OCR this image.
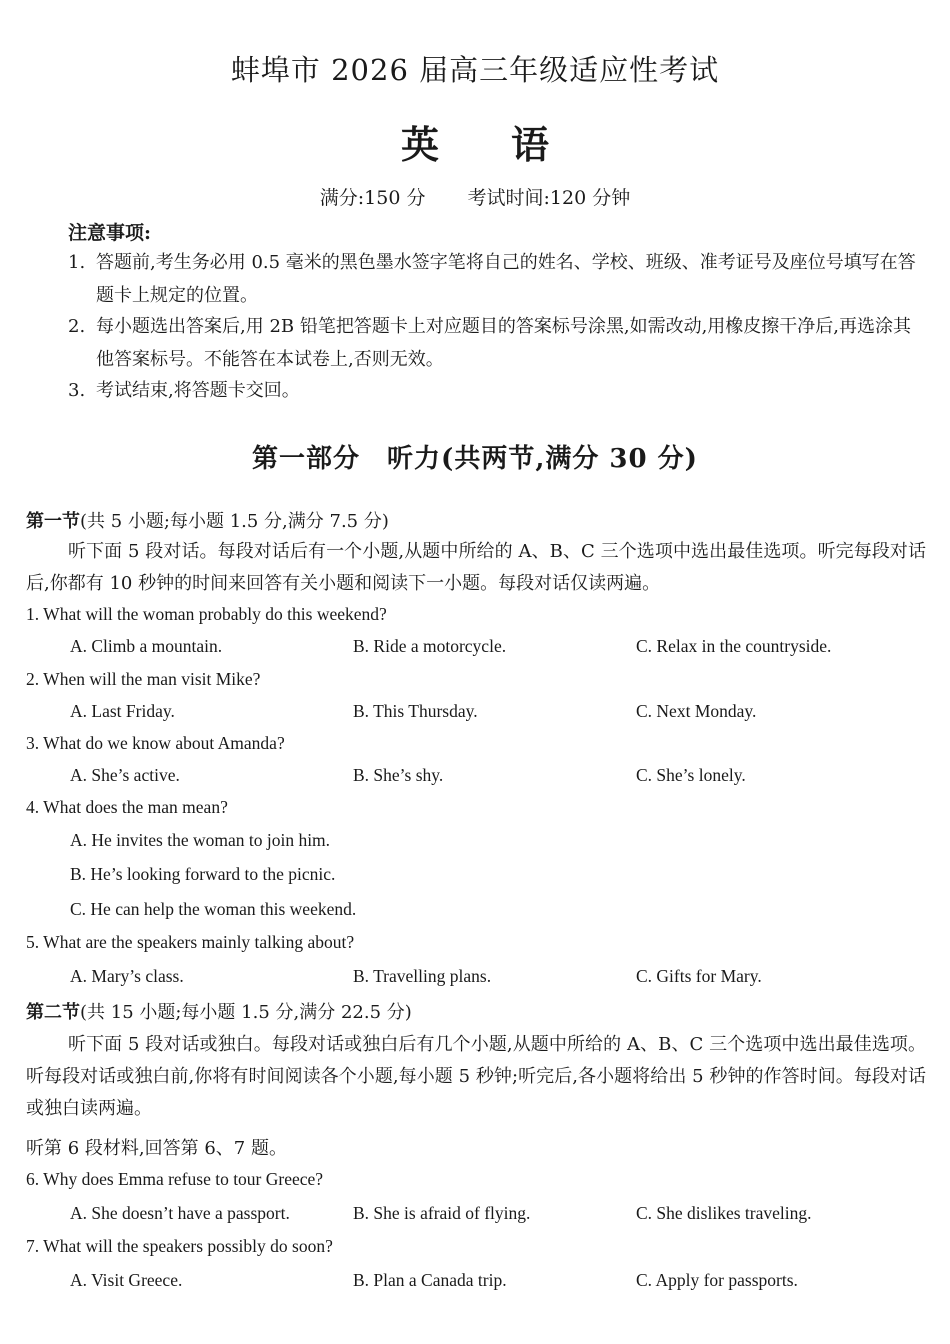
蚌埠市 2026 届高三年级适应性考试
英 语
满分:150 分 考试时间:120 分钟
注意事项:
1. 答题前,考生务必用 0.5 毫米的黑色墨水签字笔将自己的姓名、学校、班级、准考证号及座位号填写在答题卡上规定的位置。
2. 每小题选出答案后,用 2B 铅笔把答题卡上对应题目的答案标号涂黑,如需改动,用橡皮擦干净后,再选涂其他答案标号。不能答在本试卷上,否则无效。
3. 考试结束,将答题卡交回。
第一部分　听力(共两节,满分 30 分)
第一节(共 5 小题;每小题 1.5 分,满分 7.5 分)
听下面 5 段对话。每段对话后有一个小题,从题中所给的 A、B、C 三个选项中选出最佳选项。听完每段对话后,你都有 10 秒钟的时间来回答有关小题和阅读下一小题。每段对话仅读两遍。
1. What will the woman probably do this weekend?
A. Climb a mountain.	B. Ride a motorcycle.	C. Relax in the countryside.
2. When will the man visit Mike?
A. Last Friday.	B. This Thursday.	C. Next Monday.
3. What do we know about Amanda?
A. She’s active.	B. She’s shy.	C. She’s lonely.
4. What does the man mean?
A. He invites the woman to join him.
B. He’s looking forward to the picnic.
C. He can help the woman this weekend.
5. What are the speakers mainly talking about?
A. Mary’s class.	B. Travelling plans.	C. Gifts for Mary.
第二节(共 15 小题;每小题 1.5 分,满分 22.5 分)
听下面 5 段对话或独白。每段对话或独白后有几个小题,从题中所给的 A、B、C 三个选项中选出最佳选项。听每段对话或独白前,你将有时间阅读各个小题,每小题 5 秒钟;听完后,各小题将给出 5 秒钟的作答时间。每段对话或独白读两遍。
听第 6 段材料,回答第 6、7 题。
6. Why does Emma refuse to tour Greece?
A. She doesn’t have a passport.	B. She is afraid of flying.	C. She dislikes traveling.
7. What will the speakers possibly do soon?
A. Visit Greece.	B. Plan a Canada trip.	C. Apply for passports.
